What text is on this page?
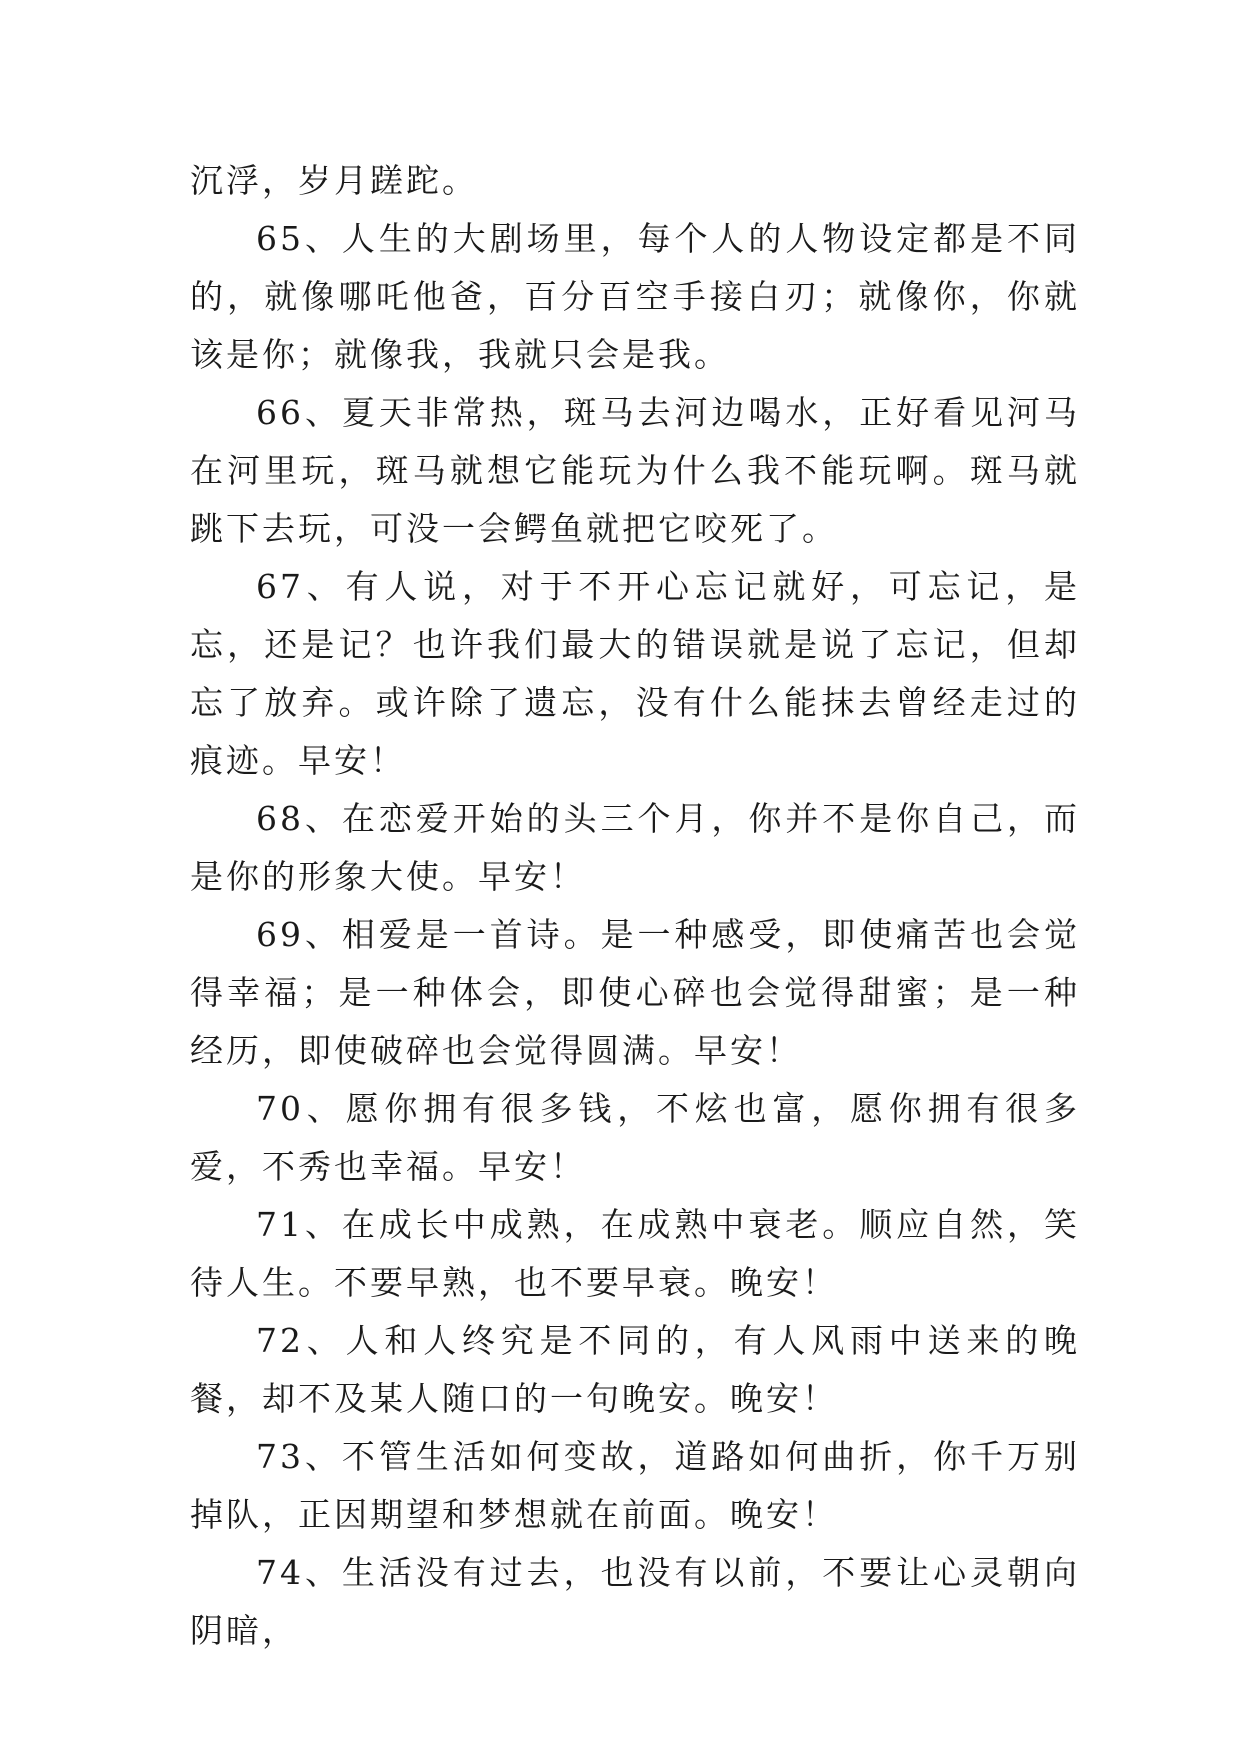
沉浮，岁月蹉跎。

65、人生的大剧场里，每个人的人物设定都是不同的，就像哪吒他爸，百分百空手接白刃；就像你，你就该是你；就像我，我就只会是我。

66、夏天非常热，斑马去河边喝水，正好看见河马在河里玩，斑马就想它能玩为什么我不能玩啊。斑马就跳下去玩，可没一会鳄鱼就把它咬死了。

67、有人说，对于不开心忘记就好，可忘记，是忘，还是记？也许我们最大的错误就是说了忘记，但却忘了放弃。或许除了遗忘，没有什么能抹去曾经走过的痕迹。早安！

68、在恋爱开始的头三个月，你并不是你自己，而是你的形象大使。早安！

69、相爱是一首诗。是一种感受，即使痛苦也会觉得幸福；是一种体会，即使心碎也会觉得甜蜜；是一种经历，即使破碎也会觉得圆满。早安！

70、愿你拥有很多钱，不炫也富，愿你拥有很多爱，不秀也幸福。早安！

71、在成长中成熟，在成熟中衰老。顺应自然，笑待人生。不要早熟，也不要早衰。晚安！

72、人和人终究是不同的，有人风雨中送来的晚餐，却不及某人随口的一句晚安。晚安！

73、不管生活如何变故，道路如何曲折，你千万别掉队，正因期望和梦想就在前面。晚安！

74、生活没有过去，也没有以前，不要让心灵朝向阴暗，
